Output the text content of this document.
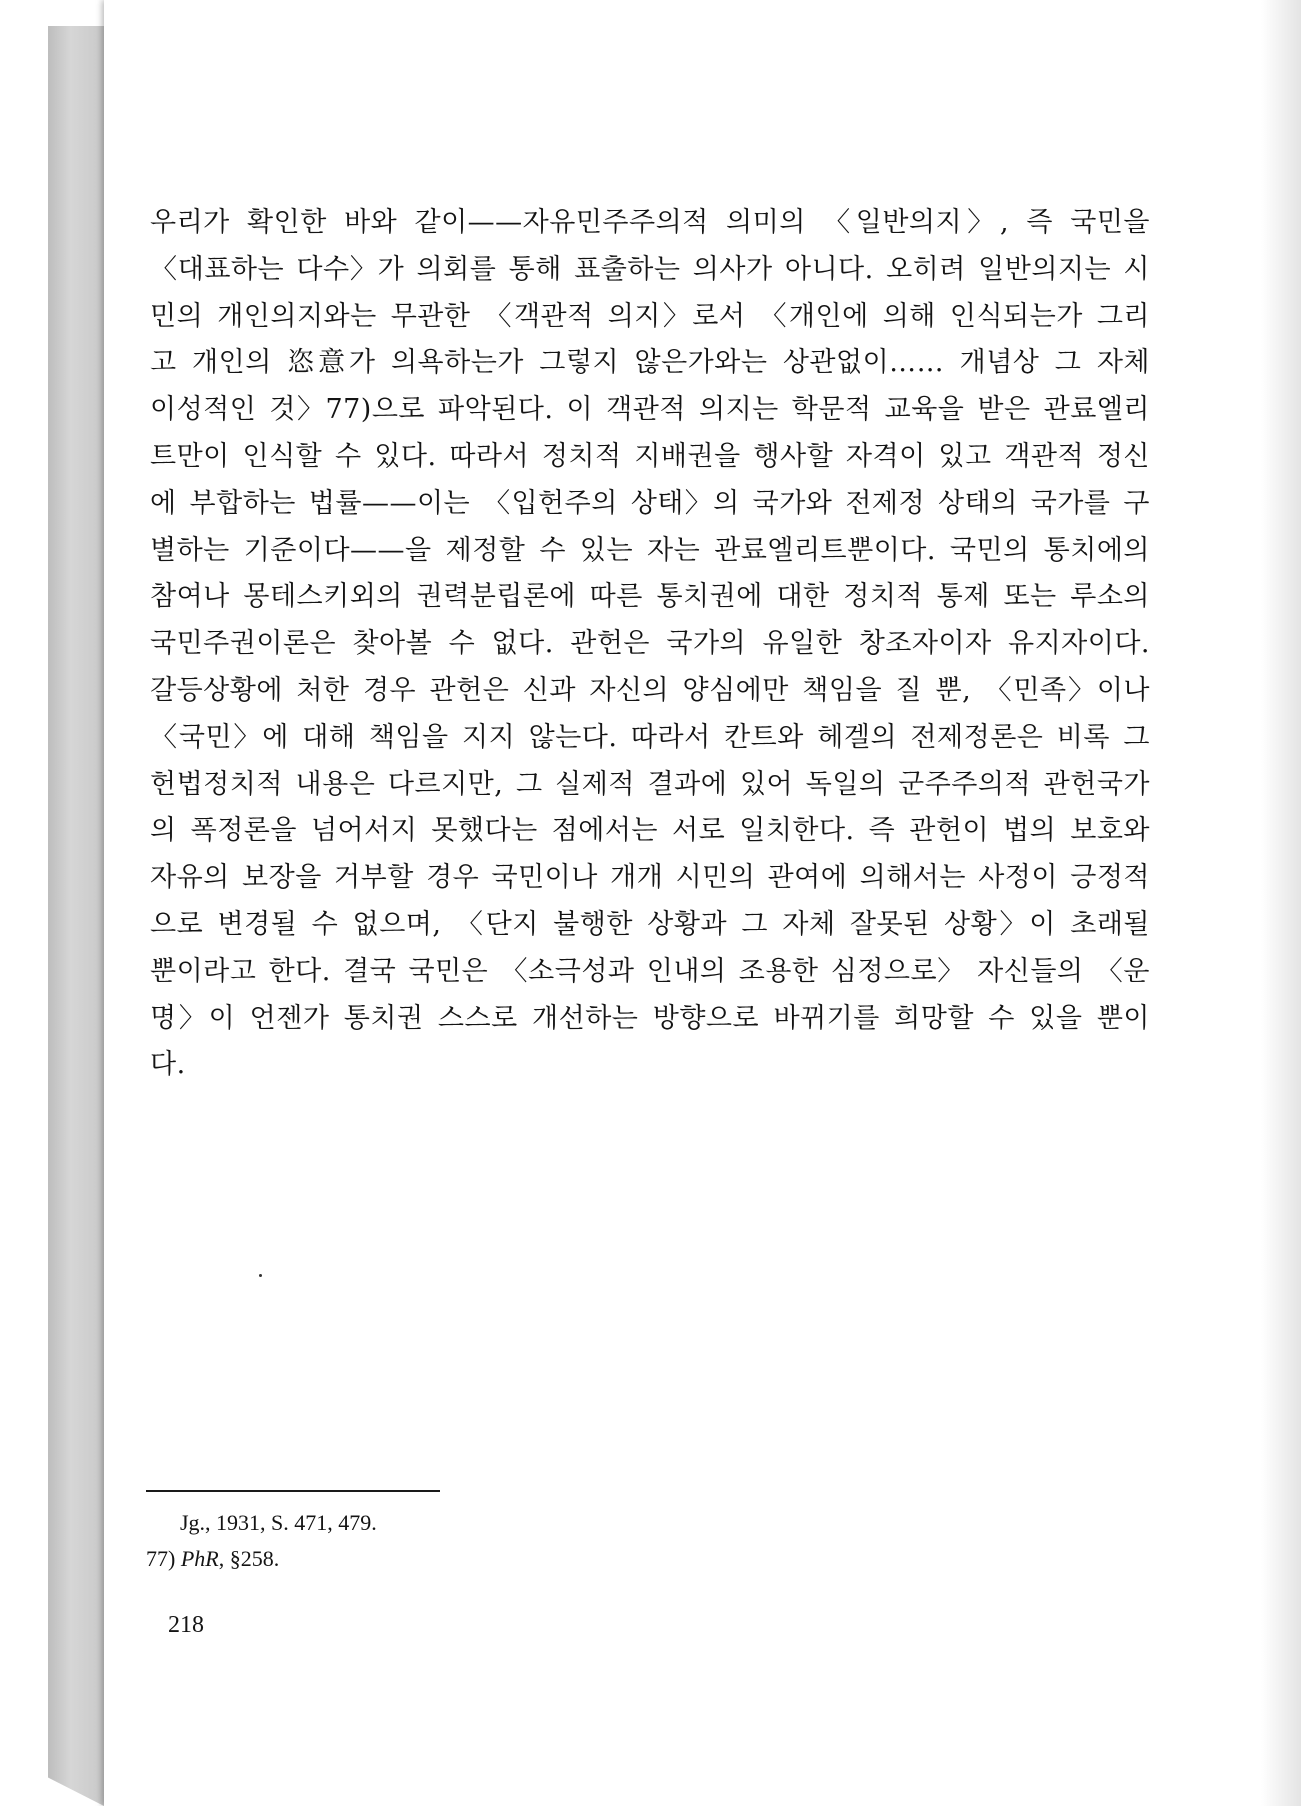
우리가 확인한 바와 같이——자유민주주의적 의미의 〈일반의지〉, 즉 국민을 〈대표하는 다수〉가 의회를 통해 표출하는 의사가 아니다. 오히려 일반의지는 시민의 개인의지와는 무관한 〈객관적 의지〉로서 〈개인에 의해 인식되는가 그리고 개인의 恣意가 의욕하는가 그렇지 않은가와는 상관없이…… 개념상 그 자체 이성적인 것〉77)으로 파악된다. 이 객관적 의지는 학문적 교육을 받은 관료엘리트만이 인식할 수 있다. 따라서 정치적 지배권을 행사할 자격이 있고 객관적 정신에 부합하는 법률——이는 〈입헌주의 상태〉의 국가와 전제정 상태의 국가를 구별하는 기준이다——을 제정할 수 있는 자는 관료엘리트뿐이다. 국민의 통치에의 참여나 몽테스키외의 권력분립론에 따른 통치권에 대한 정치적 통제 또는 루소의 국민주권이론은 찾아볼 수 없다. 관헌은 국가의 유일한 창조자이자 유지자이다. 갈등상황에 처한 경우 관헌은 신과 자신의 양심에만 책임을 질 뿐, 〈민족〉이나 〈국민〉에 대해 책임을 지지 않는다. 따라서 칸트와 헤겔의 전제정론은 비록 그 헌법정치적 내용은 다르지만, 그 실제적 결과에 있어 독일의 군주주의적 관헌국가의 폭정론을 넘어서지 못했다는 점에서는 서로 일치한다. 즉 관헌이 법의 보호와 자유의 보장을 거부할 경우 국민이나 개개 시민의 관여에 의해서는 사정이 긍정적으로 변경될 수 없으며, 〈단지 불행한 상황과 그 자체 잘못된 상황〉이 초래될 뿐이라고 한다. 결국 국민은 〈소극성과 인내의 조용한 심정으로〉 자신들의 〈운명〉이 언젠가 통치권 스스로 개선하는 방향으로 바뀌기를 희망할 수 있을 뿐이다.

Jg., 1931, S. 471, 479.
77) PhR, §258.
218
